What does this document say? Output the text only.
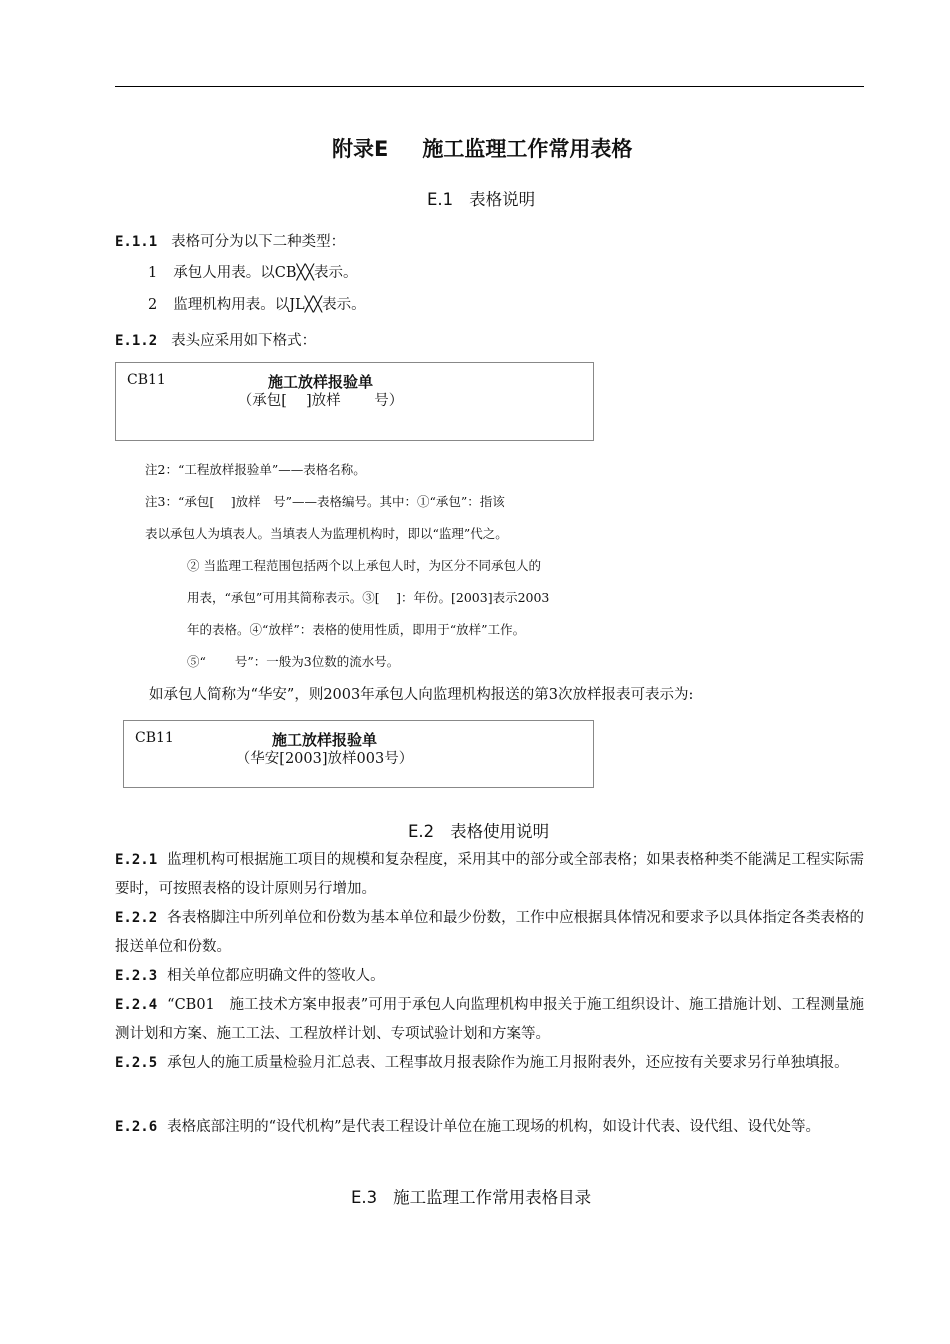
附录E 施工监理工作常用表格
E.1 表格说明
E.1.1 表格可分为以下二种类型：
1 承包人用表。以CB╳╳表示。
2 监理机构用表。以JL╳╳表示。
E.1.2 表头应采用如下格式：
CB11	施工放样报验单
（承包[　 ]放样　　 号）
注2：“工程放样报验单”——表格名称。
注3：“承包[　 ]放样　号”——表格编号。其中：①“承包”：指该
表以承包人为填表人。当填表人为监理机构时，即以“监理”代之。
② 当监理工程范围包括两个以上承包人时，为区分不同承包人的
用表，“承包”可用其简称表示。③[　 ]：年份。[2003]表示2003
年的表格。④“放样”：表格的使用性质，即用于“放样”工作。
⑤“　　 号”：一般为3位数的流水号。
如承包人简称为“华安”，则2003年承包人向监理机构报送的第3次放样报表可表示为:
CB11	施工放样报验单
（华安[2003]放样003号）
E.2 表格使用说明
E.2.1 监理机构可根据施工项目的规模和复杂程度，采用其中的部分或全部表格；如果表格种类不能满足工程实际需要时，可按照表格的设计原则另行增加。
E.2.2 各表格脚注中所列单位和份数为基本单位和最少份数，工作中应根据具体情况和要求予以具体指定各类表格的报送单位和份数。
E.2.3 相关单位都应明确文件的签收人。
E.2.4 “CB01　施工技术方案申报表”可用于承包人向监理机构申报关于施工组织设计、施工措施计划、工程测量施测计划和方案、施工工法、工程放样计划、专项试验计划和方案等。
E.2.5 承包人的施工质量检验月汇总表、工程事故月报表除作为施工月报附表外，还应按有关要求另行单独填报。
E.2.6 表格底部注明的“设代机构”是代表工程设计单位在施工现场的机构，如设计代表、设代组、设代处等。
E.3 施工监理工作常用表格目录
